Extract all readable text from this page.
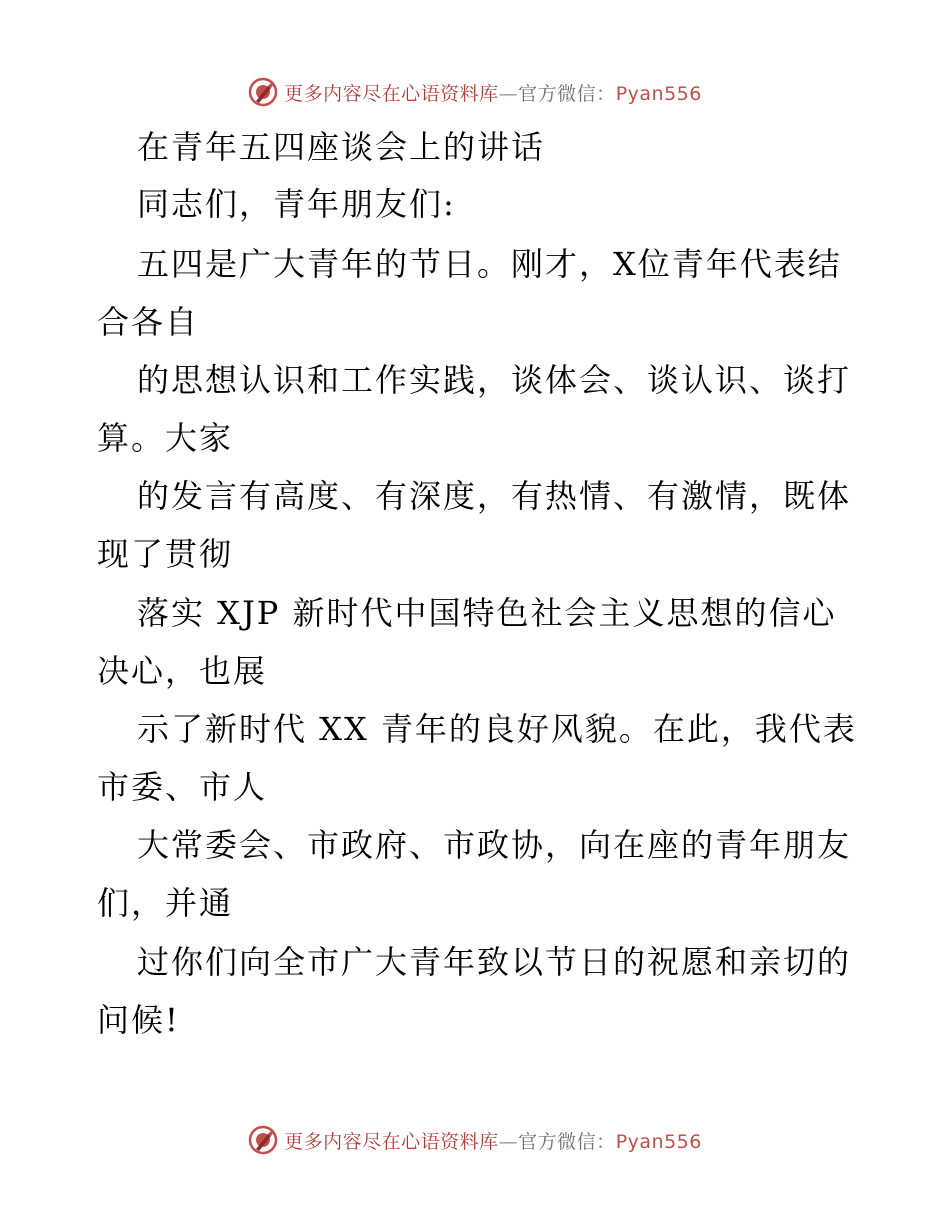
更多内容尽在心语资料库—官方微信：Pyan556
在青年五四座谈会上的讲话
同志们，青年朋友们:
五四是广大青年的节日。刚才，X位青年代表结
合各自
的思想认识和工作实践，谈体会、谈认识、谈打
算。大家
的发言有高度、有深度，有热情、有激情，既体
现了贯彻
落实 XJP 新时代中国特色社会主义思想的信心
决心，也展
示了新时代 XX 青年的良好风貌。在此，我代表
市委、市人
大常委会、市政府、市政协，向在座的青年朋友
们，并通
过你们向全市广大青年致以节日的祝愿和亲切的
问候!
更多内容尽在心语资料库—官方微信：Pyan556
